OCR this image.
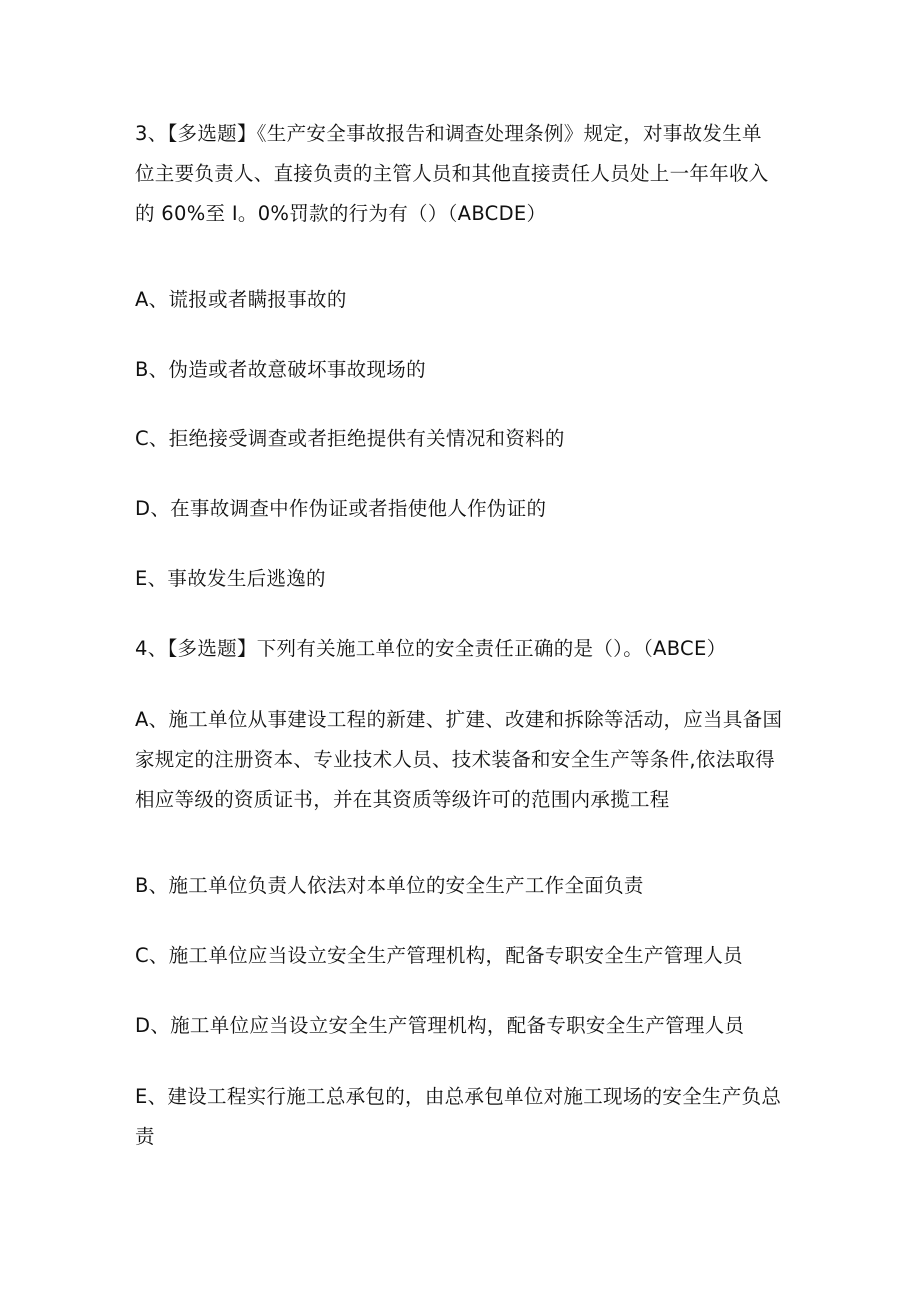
3、【多选题】《生产安全事故报告和调查处理条例》规定，对事故发生单
位主要负责人、直接负责的主管人员和其他直接责任人员处上一年年收入
的 60%至 I。0%罚款的行为有（）（ABCDE）
A、谎报或者瞒报事故的
B、伪造或者故意破坏事故现场的
C、拒绝接受调查或者拒绝提供有关情况和资料的
D、在事故调查中作伪证或者指使他人作伪证的
E、事故发生后逃逸的
4、【多选题】下列有关施工单位的安全责任正确的是（）。（ABCE）
A、施工单位从事建设工程的新建、扩建、改建和拆除等活动，应当具备国
家规定的注册资本、专业技术人员、技术装备和安全生产等条件,依法取得
相应等级的资质证书，并在其资质等级许可的范围内承揽工程
B、施工单位负责人依法对本单位的安全生产工作全面负责
C、施工单位应当设立安全生产管理机构，配备专职安全生产管理人员
D、施工单位应当设立安全生产管理机构，配备专职安全生产管理人员
E、建设工程实行施工总承包的，由总承包单位对施工现场的安全生产负总
责
